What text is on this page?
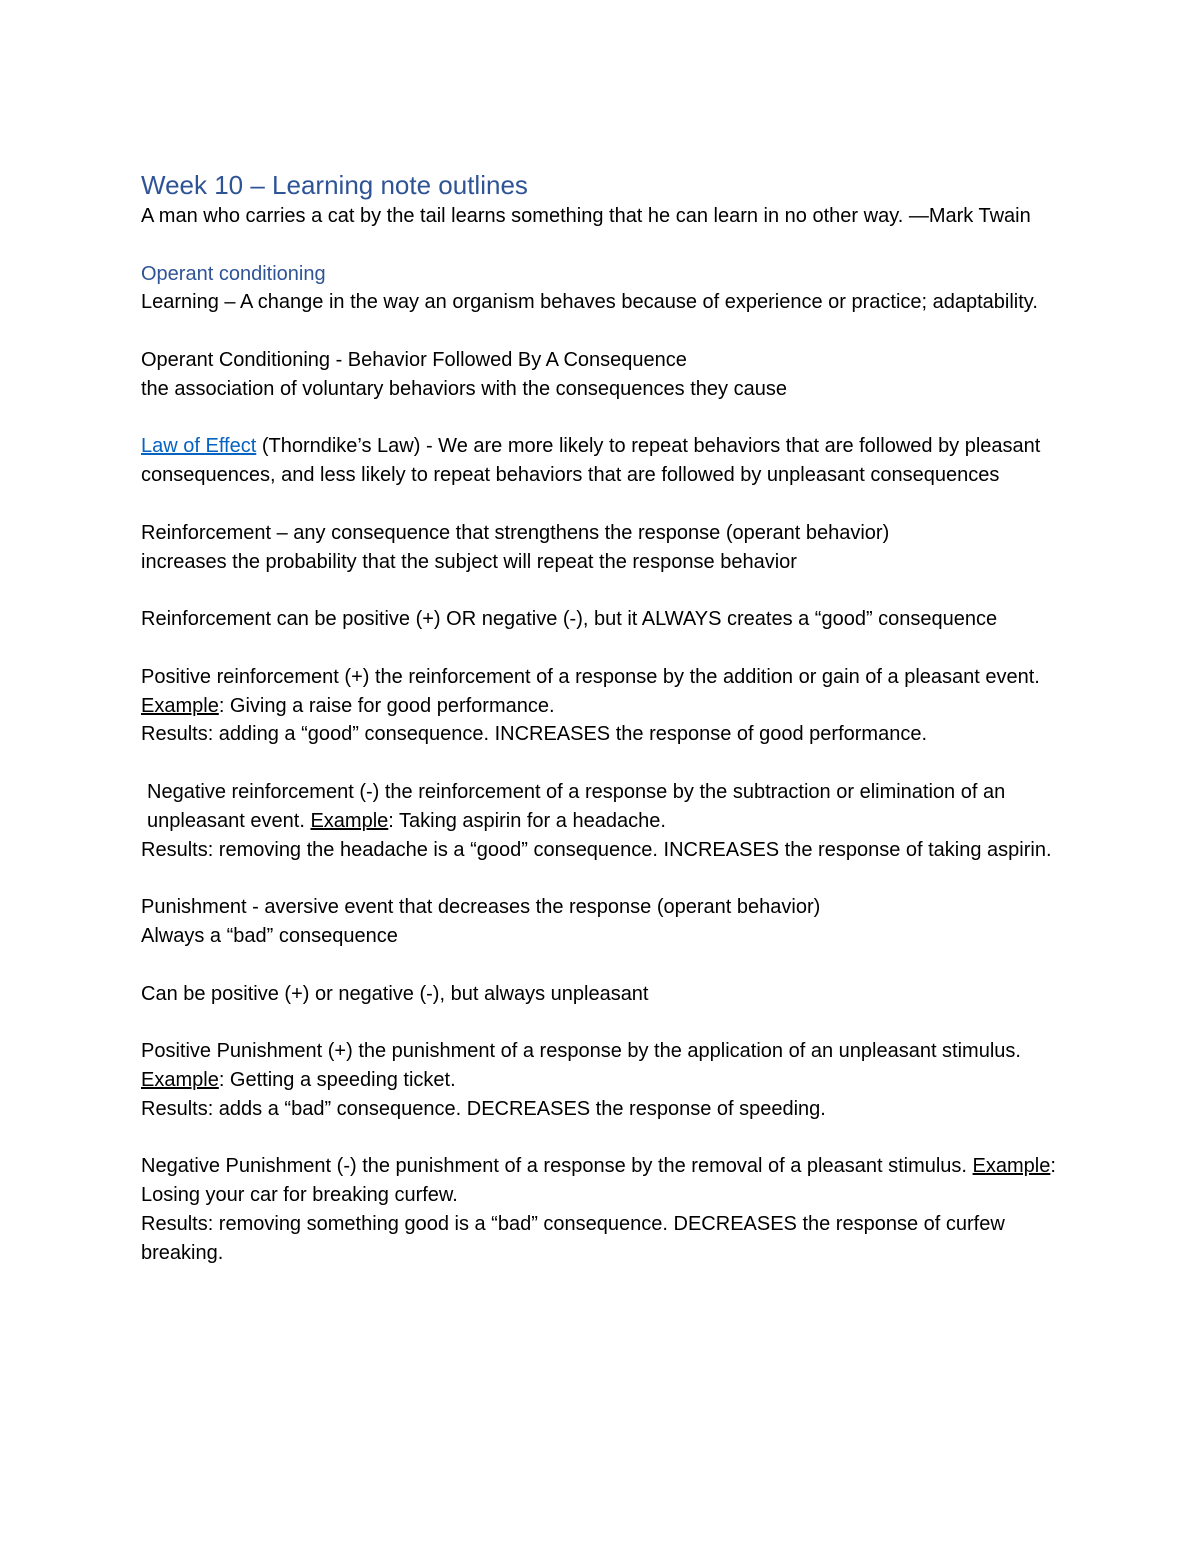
Week 10 – Learning note outlines

A man who carries a cat by the tail learns something that he can learn in no other way. —Mark Twain

Operant conditioning

Learning – A change in the way an organism behaves because of experience or practice; adaptability.

Operant Conditioning - Behavior Followed By A Consequence

the association of voluntary behaviors with the consequences they cause

Law of Effect (Thorndike’s Law) - We are more likely to repeat behaviors that are followed by pleasant consequences, and less likely to repeat behaviors that are followed by unpleasant consequences

Reinforcement – any consequence that strengthens the response (operant behavior)

increases the probability that the subject will repeat the response behavior

Reinforcement can be positive (+) OR negative (-), but it ALWAYS creates a “good” consequence

Positive reinforcement (+) the reinforcement of a response by the addition or gain of a pleasant event. Example: Giving a raise for good performance.

Results: adding a “good” consequence. INCREASES the response of good performance.

Negative reinforcement (-) the reinforcement of a response by the subtraction or elimination of an unpleasant event. Example: Taking aspirin for a headache.

Results: removing the headache is a “good” consequence. INCREASES the response of taking aspirin.

Punishment - aversive event that decreases the response (operant behavior)

Always a “bad” consequence

Can be positive (+) or negative (-), but always unpleasant

Positive Punishment (+) the punishment of a response by the application of an unpleasant stimulus. Example: Getting a speeding ticket.

Results: adds a “bad” consequence. DECREASES the response of speeding.

Negative Punishment (-) the punishment of a response by the removal of a pleasant stimulus. Example: Losing your car for breaking curfew.

Results: removing something good is a “bad” consequence. DECREASES the response of curfew breaking.
